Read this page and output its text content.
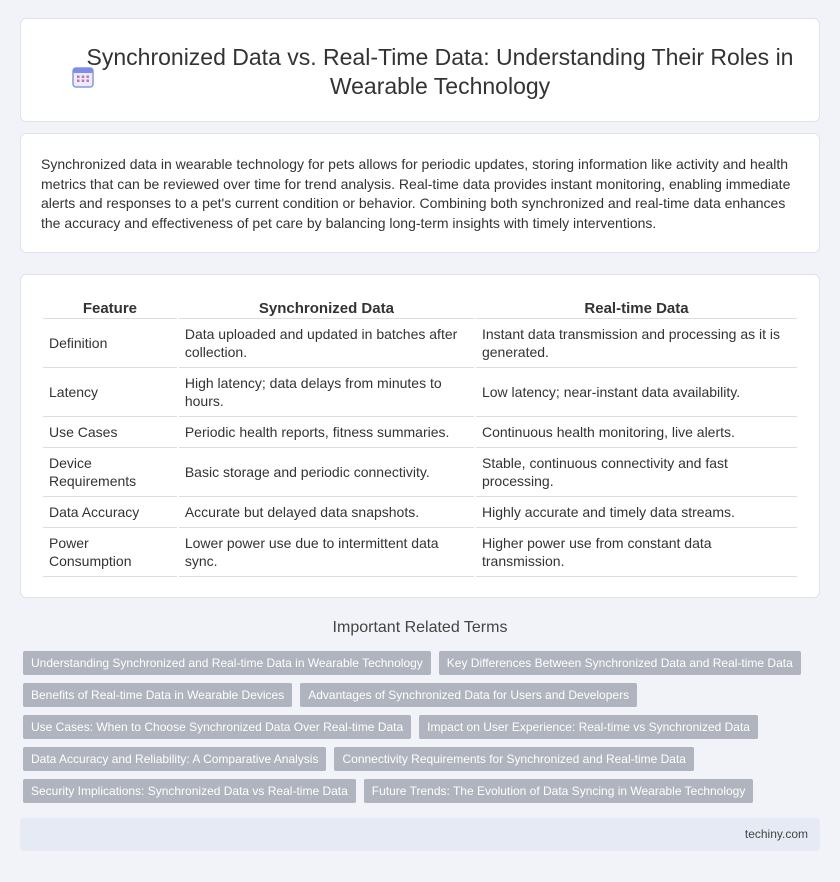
Synchronized Data vs. Real-Time Data: Understanding Their Roles in Wearable Technology

Synchronized data in wearable technology for pets allows for periodic updates, storing information like activity and health metrics that can be reviewed over time for trend analysis. Real-time data provides instant monitoring, enabling immediate alerts and responses to a pet's current condition or behavior. Combining both synchronized and real-time data enhances the accuracy and effectiveness of pet care by balancing long-term insights with timely interventions.

Feature	Synchronized Data	Real-time Data
Definition	Data uploaded and updated in batches after collection.	Instant data transmission and processing as it is generated.
Latency	High latency; data delays from minutes to hours.	Low latency; near-instant data availability.
Use Cases	Periodic health reports, fitness summaries.	Continuous health monitoring, live alerts.
Device Requirements	Basic storage and periodic connectivity.	Stable, continuous connectivity and fast processing.
Data Accuracy	Accurate but delayed data snapshots.	Highly accurate and timely data streams.
Power Consumption	Lower power use due to intermittent data sync.	Higher power use from constant data transmission.
Important Related Terms
Understanding Synchronized and Real-time Data in Wearable Technology	Key Differences Between Synchronized Data and Real-time Data
Benefits of Real-time Data in Wearable Devices	Advantages of Synchronized Data for Users and Developers
Use Cases: When to Choose Synchronized Data Over Real-time Data	Impact on User Experience: Real-time vs Synchronized Data
Data Accuracy and Reliability: A Comparative Analysis	Connectivity Requirements for Synchronized and Real-time Data
Security Implications: Synchronized Data vs Real-time Data	Future Trends: The Evolution of Data Syncing in Wearable Technology
techiny.com
